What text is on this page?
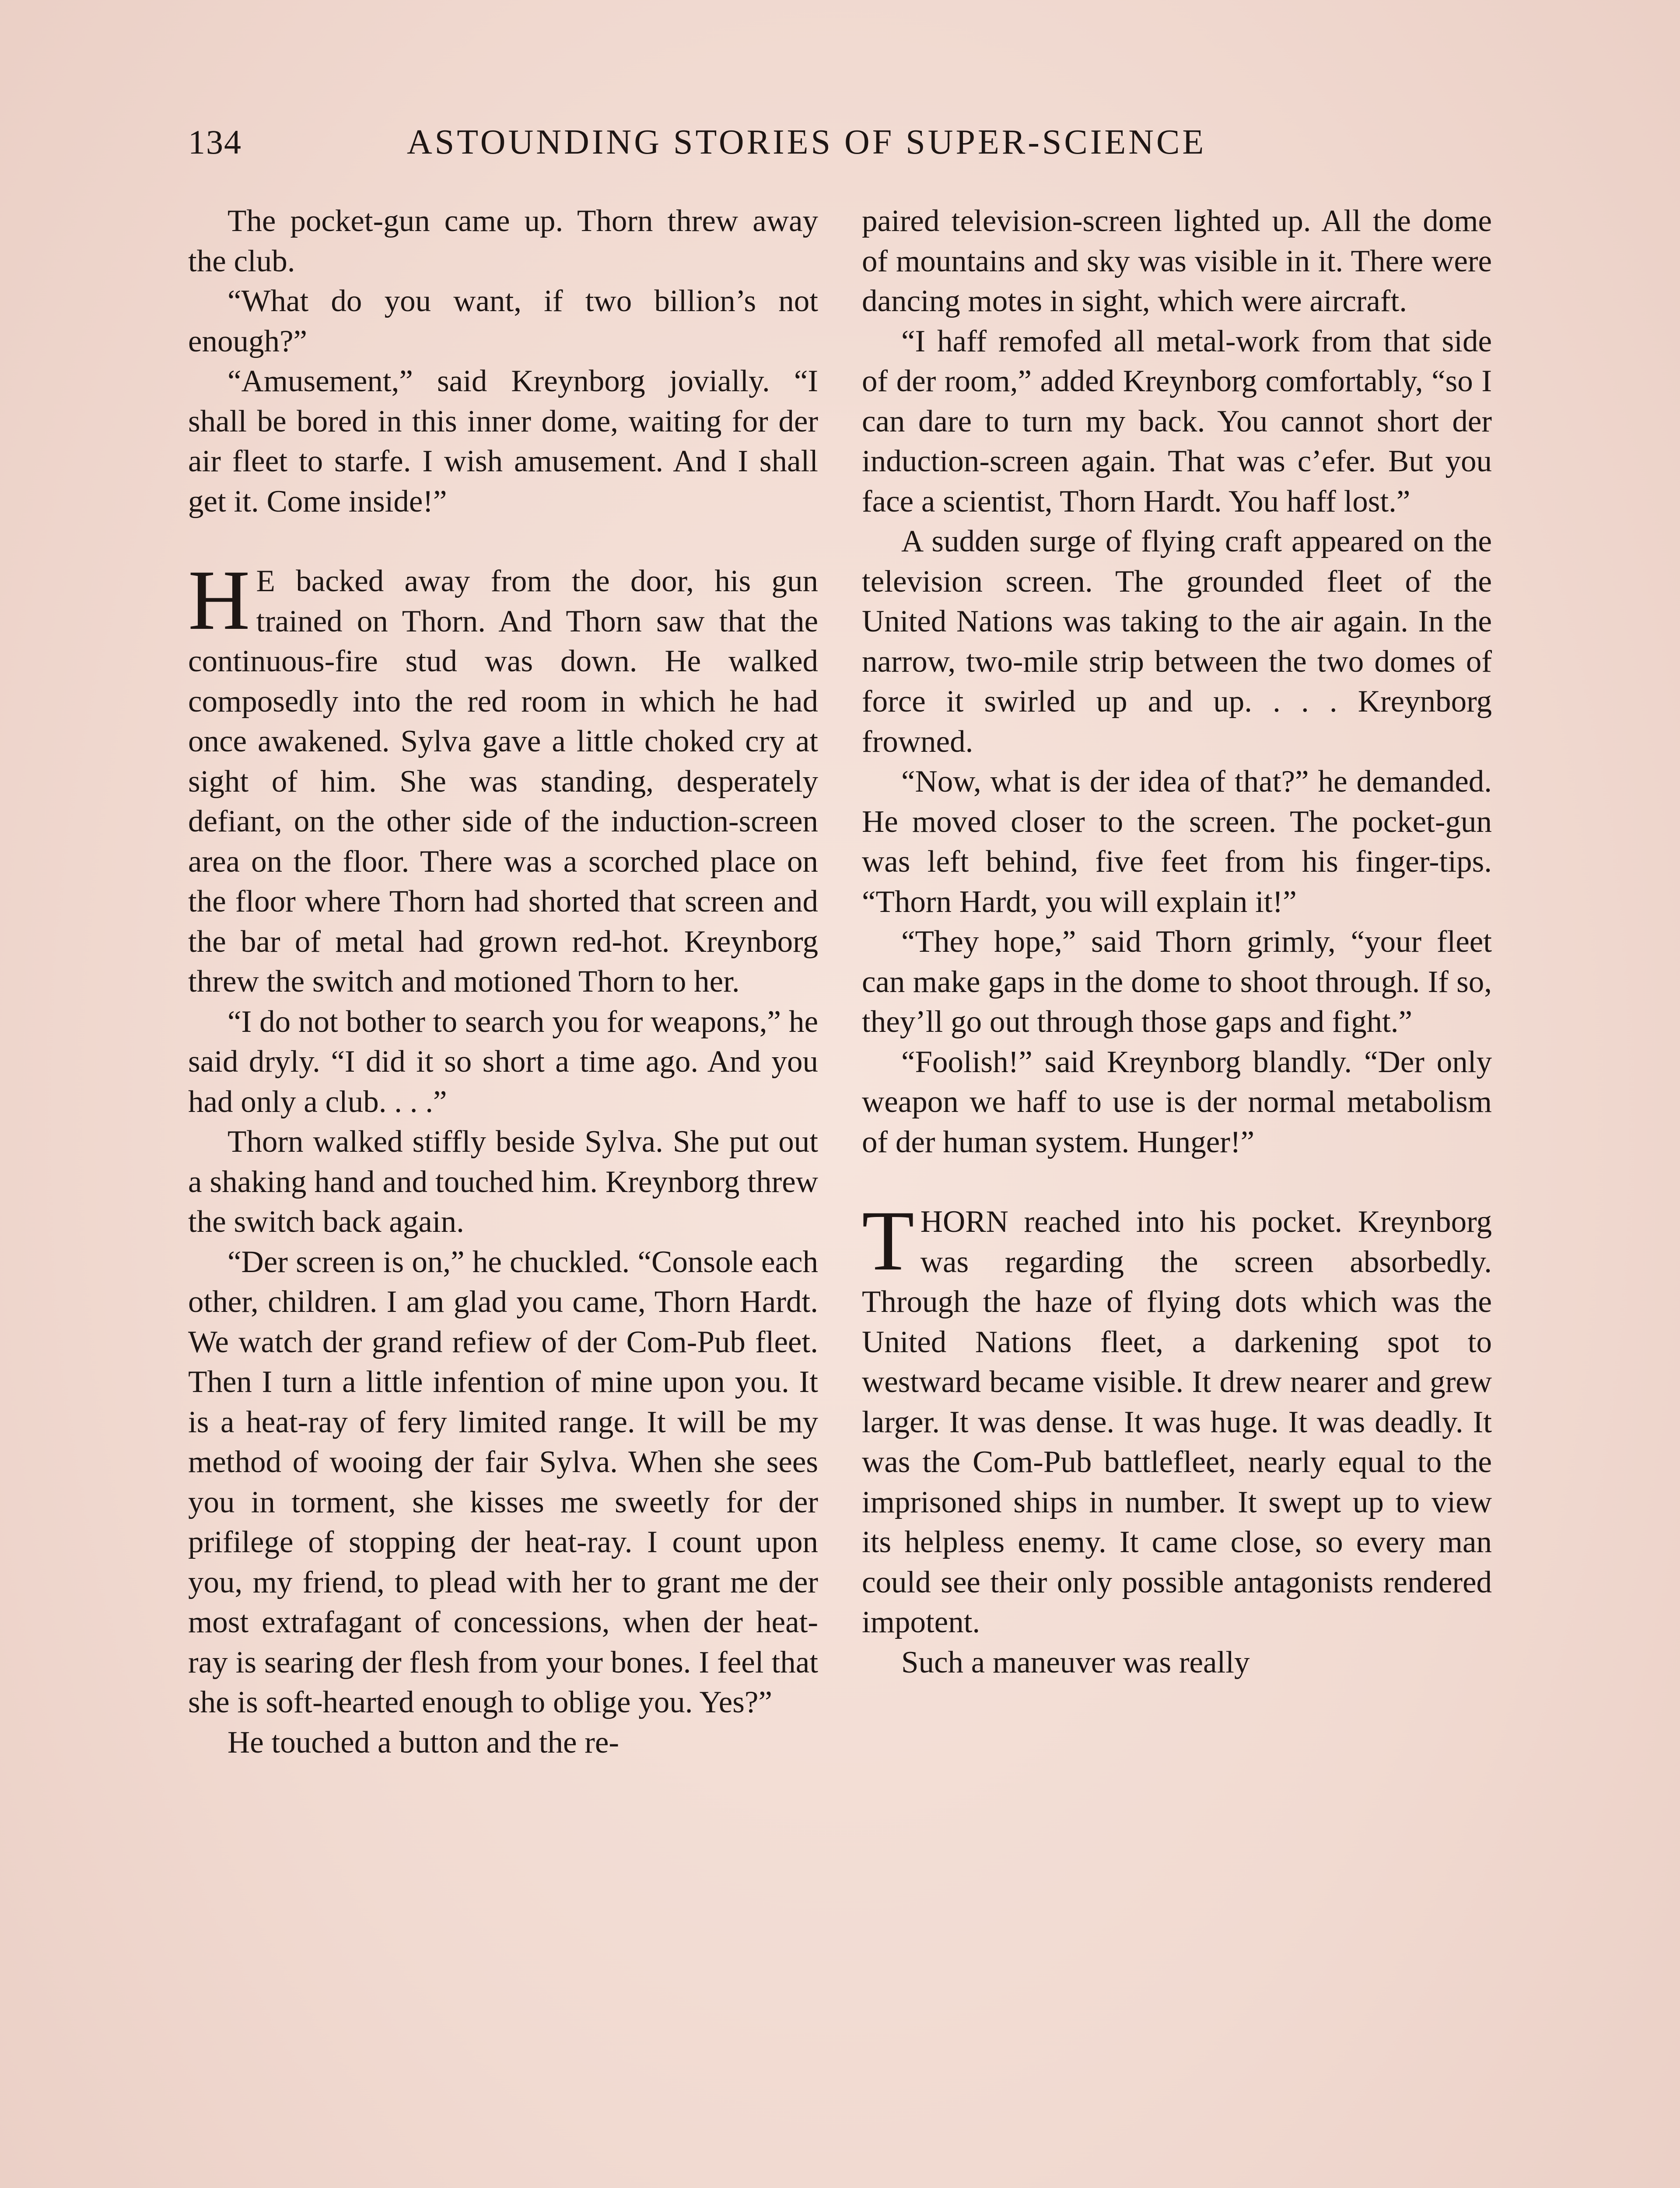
134	ASTOUNDING STORIES OF SUPER-SCIENCE

The pocket-gun came up. Thorn threw away the club.

“What do you want, if two billion’s not enough?”

“Amusement,” said Kreynborg jovially. “I shall be bored in this inner dome, waiting for der air fleet to starfe. I wish amusement. And I shall get it. Come inside!”

H E backed away from the door, his gun trained on Thorn. And Thorn saw that the continuous-fire stud was down. He walked composedly into the red room in which he had once awakened. Sylva gave a little choked cry at sight of him. She was standing, desperately defiant, on the other side of the induction-screen area on the floor. There was a scorched place on the floor where Thorn had shorted that screen and the bar of metal had grown red-hot. Kreynborg threw the switch and motioned Thorn to her.

“I do not bother to search you for weapons,” he said dryly. “I did it so short a time ago. And you had only a club. . . .”

Thorn walked stiffly beside Sylva. She put out a shaking hand and touched him. Kreynborg threw the switch back again.

“Der screen is on,” he chuckled. “Console each other, children. I am glad you came, Thorn Hardt. We watch der grand refiew of der Com-Pub fleet. Then I turn a little infention of mine upon you. It is a heat-ray of fery limited range. It will be my method of wooing der fair Sylva. When she sees you in torment, she kisses me sweetly for der prifilege of stopping der heat-ray. I count upon you, my friend, to plead with her to grant me der most extrafagant of concessions, when der heat-ray is searing der flesh from your bones. I feel that she is soft-hearted enough to oblige you. Yes?”

He touched a button and the re-

paired television-screen lighted up. All the dome of mountains and sky was visible in it. There were dancing motes in sight, which were aircraft.

“I haff remofed all metal-work from that side of der room,” added Kreynborg comfortably, “so I can dare to turn my back. You cannot short der induction-screen again. That was c’efer. But you face a scientist, Thorn Hardt. You haff lost.”

A sudden surge of flying craft appeared on the television screen. The grounded fleet of the United Nations was taking to the air again. In the narrow, two-mile strip between the two domes of force it swirled up and up. . . . Kreynborg frowned.

“Now, what is der idea of that?” he demanded. He moved closer to the screen. The pocket-gun was left behind, five feet from his finger-tips. “Thorn Hardt, you will explain it!”

“They hope,” said Thorn grimly, “your fleet can make gaps in the dome to shoot through. If so, they’ll go out through those gaps and fight.”

“Foolish!” said Kreynborg blandly. “Der only weapon we haff to use is der normal metabolism of der human system. Hunger!”

THORN reached into his pocket. Kreynborg was regarding the screen absorbedly. Through the haze of flying dots which was the United Nations fleet, a darkening spot to westward became visible. It drew nearer and grew larger. It was dense. It was huge. It was deadly. It was the Com-Pub battlefleet, nearly equal to the imprisoned ships in number. It swept up to view its helpless enemy. It came close, so every man could see their only possible antagonists rendered impotent.

Such a maneuver was really
